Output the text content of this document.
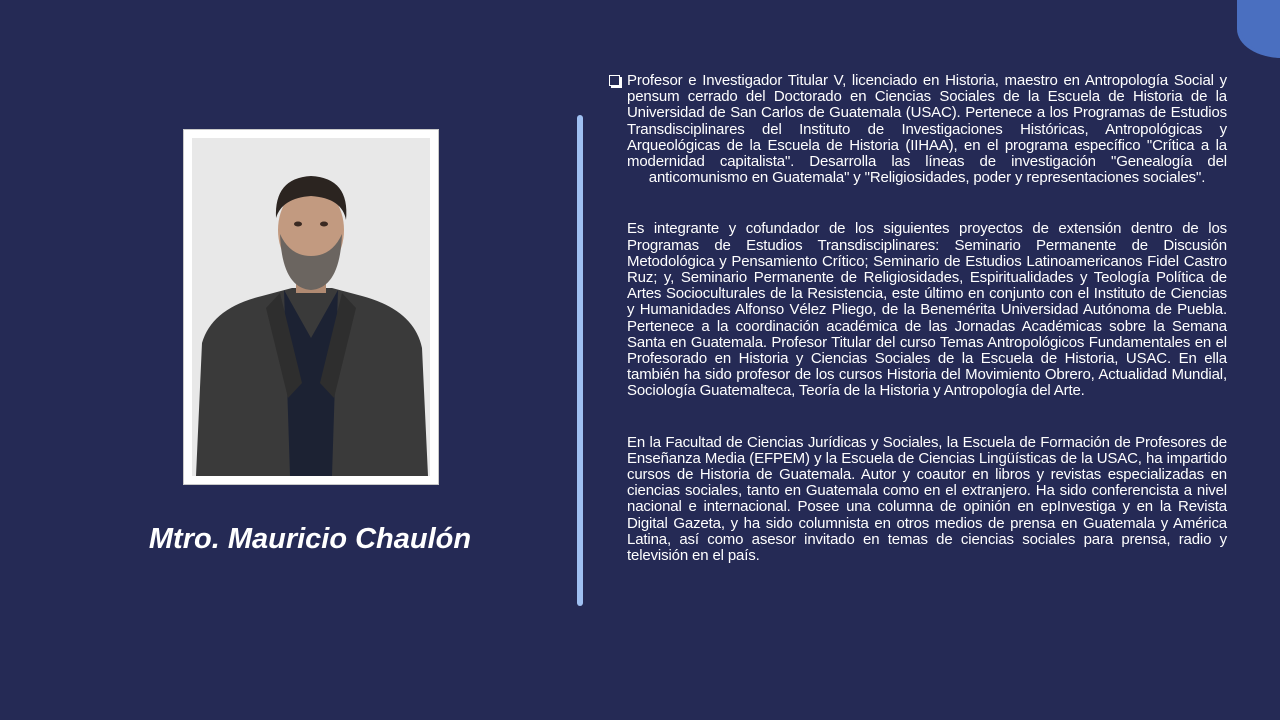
Mtro. Mauricio Chaulón

Profesor e Investigador Titular V, licenciado en Historia, maestro en Antropología Social y pensum cerrado del Doctorado en Ciencias Sociales de la Escuela de Historia de la Universidad de San Carlos de Guatemala (USAC). Pertenece a los Programas de Estudios Transdisciplinares del Instituto de Investigaciones Históricas, Antropológicas y Arqueológicas de la Escuela de Historia (IIHAA), en el programa específico "Crítica a la modernidad capitalista". Desarrolla las líneas de investigación "Genealogía del anticomunismo en Guatemala" y "Religiosidades, poder y representaciones sociales".

Es integrante y cofundador de los siguientes proyectos de extensión dentro de los Programas de Estudios Transdisciplinares: Seminario Permanente de Discusión Metodológica y Pensamiento Crítico; Seminario de Estudios Latinoamericanos Fidel Castro Ruz; y, Seminario Permanente de Religiosidades, Espiritualidades y Teología Política de Artes Socioculturales de la Resistencia, este último en conjunto con el Instituto de Ciencias y Humanidades Alfonso Vélez Pliego, de la Benemérita Universidad Autónoma de Puebla. Pertenece a la coordinación académica de las Jornadas Académicas sobre la Semana Santa en Guatemala. Profesor Titular del curso Temas Antropológicos Fundamentales en el Profesorado en Historia y Ciencias Sociales de la Escuela de Historia, USAC. En ella también ha sido profesor de los cursos Historia del Movimiento Obrero, Actualidad Mundial, Sociología Guatemalteca, Teoría de la Historia y Antropología del Arte.

En la Facultad de Ciencias Jurídicas y Sociales, la Escuela de Formación de Profesores de Enseñanza Media (EFPEM) y la Escuela de Ciencias Lingüísticas de la USAC, ha impartido cursos de Historia de Guatemala. Autor y coautor en libros y revistas especializadas en ciencias sociales, tanto en Guatemala como en el extranjero. Ha sido conferencista a nivel nacional e internacional. Posee una columna de opinión en epInvestiga y en la Revista Digital Gazeta, y ha sido columnista en otros medios de prensa en Guatemala y América Latina, así como asesor invitado en temas de ciencias sociales para prensa, radio y televisión en el país.
